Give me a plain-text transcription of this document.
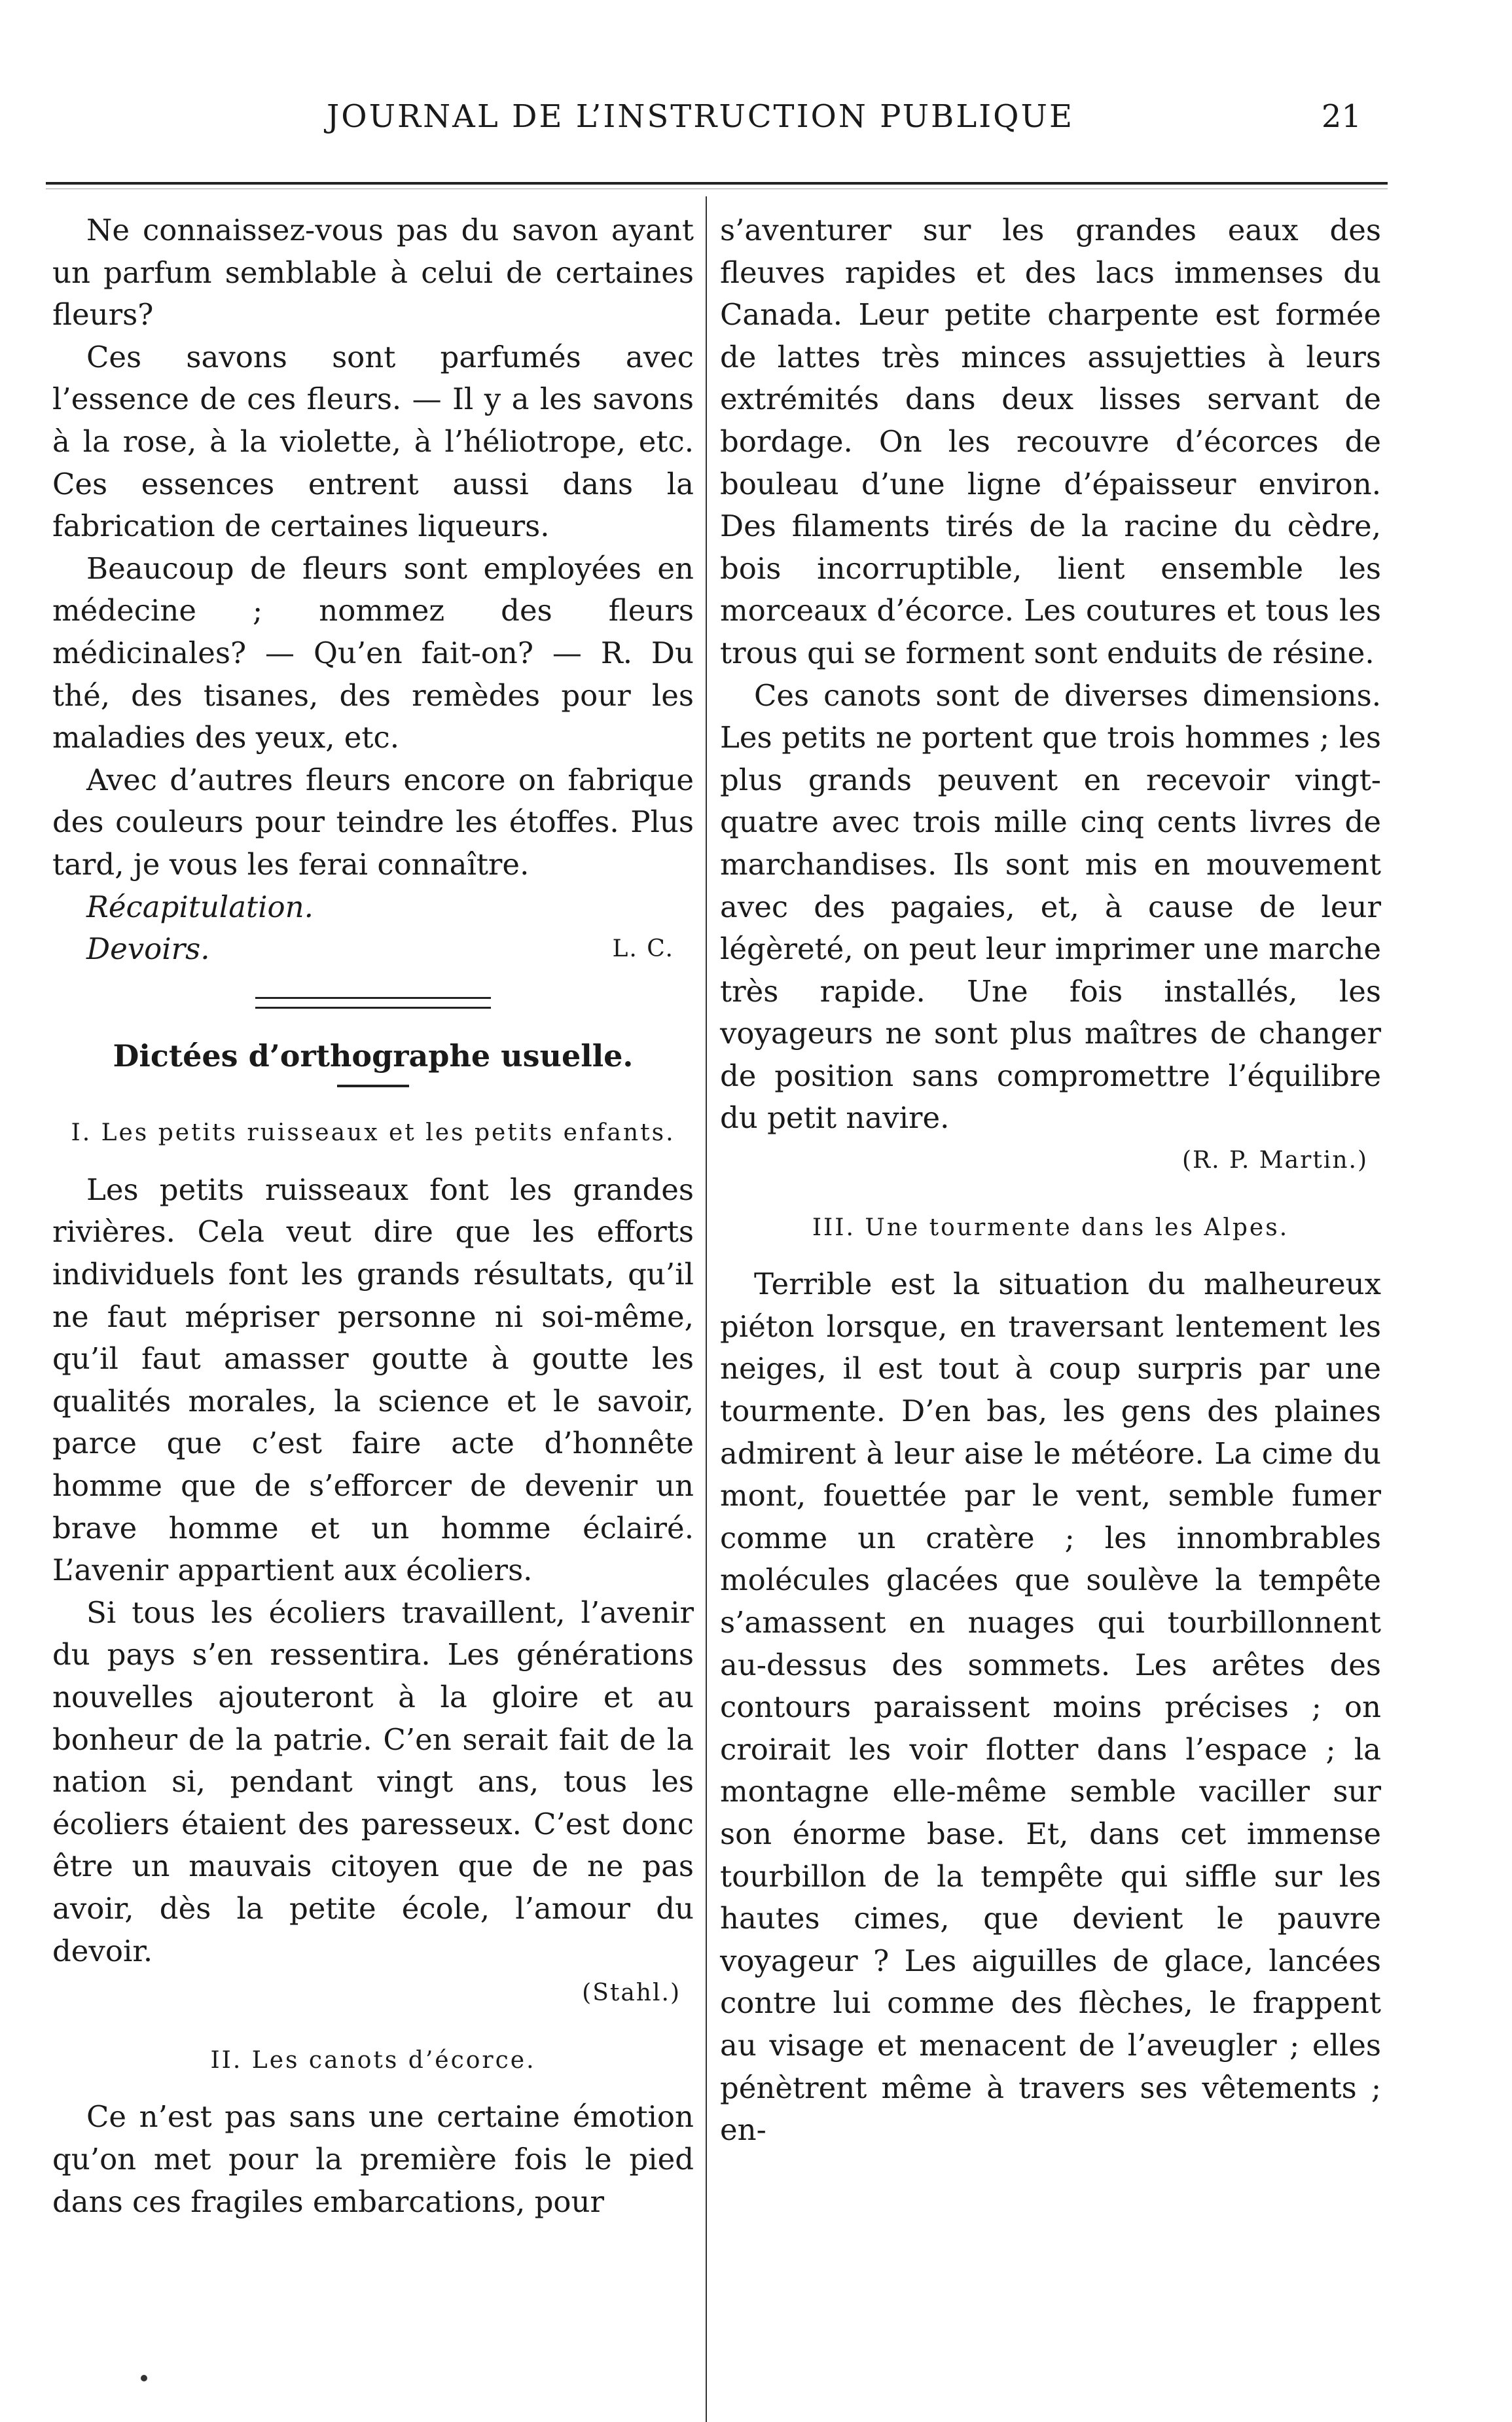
JOURNAL DE L’INSTRUCTION PUBLIQUE	21

Ne connaissez-vous pas du savon ayant un parfum semblable à celui de certaines fleurs?

Ces savons sont parfumés avec l’essence de ces fleurs. — Il y a les savons à la rose, à la violette, à l’héliotrope, etc. Ces essences entrent aussi dans la fabrication de certaines liqueurs.

Beaucoup de fleurs sont employées en médecine ; nommez des fleurs médicinales? — Qu’en fait-on? — R. Du thé, des tisanes, des remèdes pour les maladies des yeux, etc.

Avec d’autres fleurs encore on fabrique des couleurs pour teindre les étoffes. Plus tard, je vous les ferai connaître.

Récapitulation.

Devoirs.	L. C.

Dictées d’orthographe usuelle.

I. Les petits ruisseaux et les petits enfants.

Les petits ruisseaux font les grandes rivières. Cela veut dire que les efforts individuels font les grands résultats, qu’il ne faut mépriser personne ni soi-même, qu’il faut amasser goutte à goutte les qualités morales, la science et le savoir, parce que c’est faire acte d’honnête homme que de s’efforcer de devenir un brave homme et un homme éclairé. L’avenir appartient aux écoliers.

Si tous les écoliers travaillent, l’avenir du pays s’en ressentira. Les générations nouvelles ajouteront à la gloire et au bonheur de la patrie. C’en serait fait de la nation si, pendant vingt ans, tous les écoliers étaient des paresseux. C’est donc être un mauvais citoyen que de ne pas avoir, dès la petite école, l’amour du devoir.

(Stahl.)

II. Les canots d’écorce.

Ce n’est pas sans une certaine émotion qu’on met pour la première fois le pied dans ces fragiles embarcations, pour

s’aventurer sur les grandes eaux des fleuves rapides et des lacs immenses du Canada. Leur petite charpente est formée de lattes très minces assujetties à leurs extrémités dans deux lisses servant de bordage. On les recouvre d’écorces de bouleau d’une ligne d’épaisseur environ. Des filaments tirés de la racine du cèdre, bois incorruptible, lient ensemble les morceaux d’écorce. Les coutures et tous les trous qui se forment sont enduits de résine.

Ces canots sont de diverses dimensions. Les petits ne portent que trois hommes ; les plus grands peuvent en recevoir vingt-quatre avec trois mille cinq cents livres de marchandises. Ils sont mis en mouvement avec des pagaies, et, à cause de leur légèreté, on peut leur imprimer une marche très rapide. Une fois installés, les voyageurs ne sont plus maîtres de changer de position sans compromettre l’équilibre du petit navire.

(R. P. Martin.)

III. Une tourmente dans les Alpes.

Terrible est la situation du malheureux piéton lorsque, en traversant lentement les neiges, il est tout à coup surpris par une tourmente. D’en bas, les gens des plaines admirent à leur aise le météore. La cime du mont, fouettée par le vent, semble fumer comme un cratère ; les innombrables molécules glacées que soulève la tempête s’amassent en nuages qui tourbillonnent au-dessus des sommets. Les arêtes des contours paraissent moins précises ; on croirait les voir flotter dans l’espace ; la montagne elle-même semble vaciller sur son énorme base. Et, dans cet immense tourbillon de la tempête qui siffle sur les hautes cimes, que devient le pauvre voyageur ? Les aiguilles de glace, lancées contre lui comme des flèches, le frappent au visage et menacent de l’aveugler ; elles pénètrent même à travers ses vêtements ; en-
